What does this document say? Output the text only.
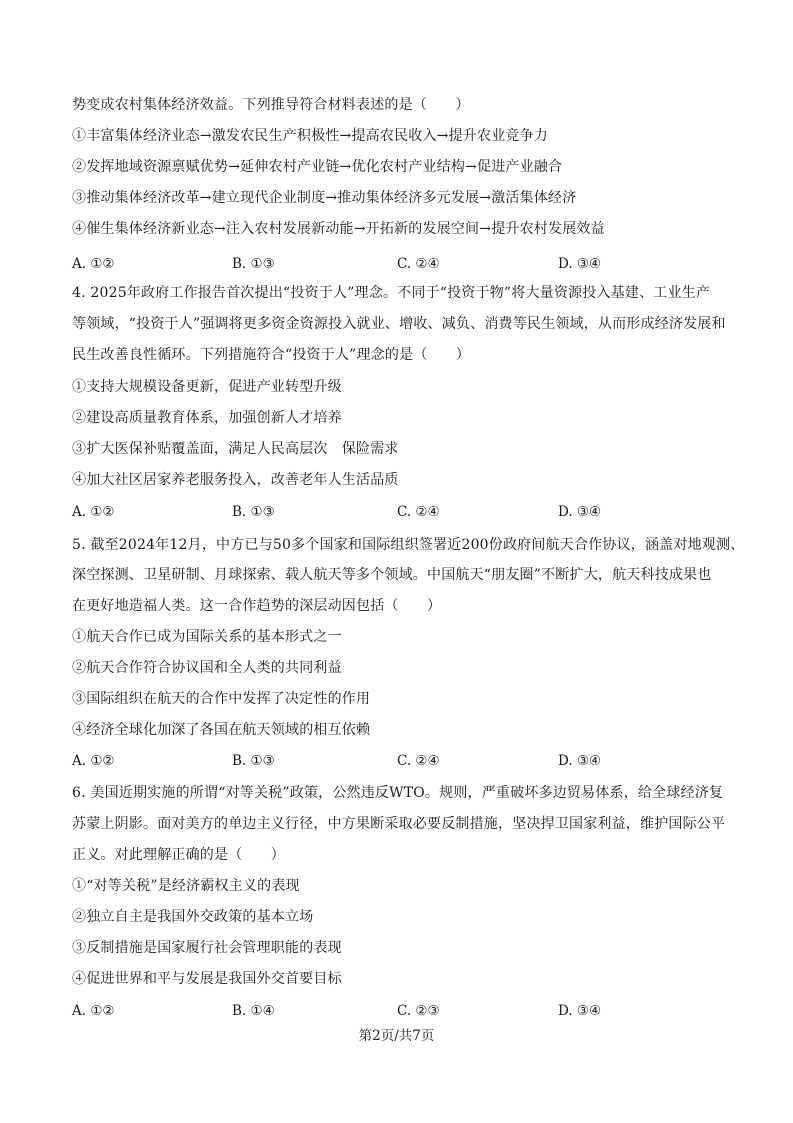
势变成农村集体经济效益。下列推导符合材料表述的是（　　）
①丰富集体经济业态→激发农民生产积极性→提高农民收入→提升农业竞争力
②发挥地域资源禀赋优势→延伸农村产业链→优化农村产业结构→促进产业融合
③推动集体经济改革→建立现代企业制度→推动集体经济多元发展→激活集体经济
④催生集体经济新业态→注入农村发展新动能→开拓新的发展空间→提升农村发展效益
A. ①②	B. ①③	C. ②④	D. ③④
4. 2025年政府工作报告首次提出“投资于人”理念。不同于“投资于物”将大量资源投入基建、工业生产
等领域，“投资于人”强调将更多资金资源投入就业、增收、减负、消费等民生领域，从而形成经济发展和
民生改善良性循环。下列措施符合“投资于人”理念的是（　　）
①支持大规模设备更新，促进产业转型升级
②建设高质量教育体系，加强创新人才培养
③扩大医保补贴覆盖面，满足人民高层次　保险需求
④加大社区居家养老服务投入，改善老年人生活品质
A. ①②	B. ①③	C. ②④	D. ③④
5. 截至2024年12月，中方已与50多个国家和国际组织签署近200份政府间航天合作协议，涵盖对地观测、
深空探测、卫星研制、月球探索、载人航天等多个领域。中国航天“朋友圈”不断扩大，航天科技成果也
在更好地造福人类。这一合作趋势的深层动因包括（　　）
①航天合作已成为国际关系的基本形式之一
②航天合作符合协议国和全人类的共同利益
③国际组织在航天的合作中发挥了决定性的作用
④经济全球化加深了各国在航天领域的相互依赖
A. ①②	B. ①③	C. ②④	D. ③④
6. 美国近期实施的所谓“对等关税”政策，公然违反WTO。规则，严重破坏多边贸易体系，给全球经济复
苏蒙上阴影。面对美方的单边主义行径，中方果断采取必要反制措施，坚决捍卫国家利益，维护国际公平
正义。对此理解正确的是（　　）
①“对等关税”是经济霸权主义的表现
②独立自主是我国外交政策的基本立场
③反制措施是国家履行社会管理职能的表现
④促进世界和平与发展是我国外交首要目标
A. ①②	B. ①④	C. ②③	D. ③④
第2页/共7页
